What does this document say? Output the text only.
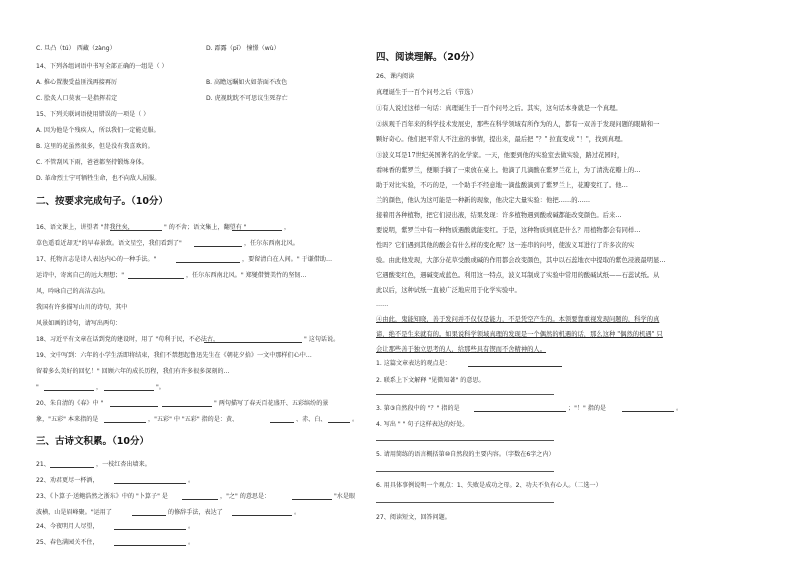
二、按要求完成句子。（10分）
三、古诗文积累。（10分）
C. 旦凸（tú） 西藏（zàng）	D. 霹露（pī） 憧憬（wù）
14、下列各组词语中书写全部正确的一组是（ ）
A. 推心置腹受益匪浅再接再厉	B. 高瞻远瞩如火如荼面不改色
C. 脍炙人口莫衷一是指挥若定	D. 虎视眈眈不可思议生死存亡
15、下列关联词语使用错误的一项是（ ）
A. 因为他是个残疾人，所以我们一定能克服。
B. 这里的花虽然很多，但是没有我喜欢的。
C. 不管刮风下雨，爸爸都坚持锻炼身体。
D. 革命烈士宁可牺牲生命，也不向敌人屈服。
16、语文课上，讲望者 "昔我往矣，	" 的不舍；语文集上，翻望有 "	，
草色遥看近却无"的早春景致。语文星空，我们看到了"	，任尔东西南北风。
17、托物言志是诗人表达内心的一种手法。"	，要留清白在人间。" 于谦借助…
运诗中，寄寓自己的远大理想；"	，任尔东西南北风。" 郑燮借赞美竹的坚韧…
风，吟咏自己的高洁志向。
我国有许多描写山川的诗句，其中
风景如画的诗句，请写出两句：
18、习近平有文章在话到党的建设时，用了 "苟利于民，不必法古，	" 这句话说。
19、文中写到：六年的小学生活即将结束，我们不禁想起鲁迅先生在《朝花夕拾》一文中那样们心中…
留着多么美好的回忆！" 回顾六年的成长历程，我们有许多很多深刻的…
"	，	"。
20、朱自清的《春》中 "	" 两句描写了春天百花盛开、五彩缤纷的景
象，"五彩" 本来指的是	，"五彩" 中 "五彩" 指的是：黄、	、赤、白、	。
21、	，一枝红杏出墙来。
22、劝君更尽一杯酒，	。
23、《卜算子·送鲍浩然之浙东》中的 "卜算子" 是	，"之" 的意思是：	"水是眼
波横，山是眉峰聚。"运用了	的修辞手法，表达了	。
24、今夜明月人尽望，	。
25、春色满园关不住，	。
四、阅读理解。（20分）
26、课内阅读
真理诞生于一百个问号之后（节选）
①有人说过这样一句话：真理诞生于一百个问号之后。其实，这句话本身就是一个真理。
②纵观千百年来的科学技术发展史，那些在科学领域有所作为的人，都有一双善于发现问题的眼睛和一
颗好奇心。他们把平常人不注意的事情，提出来，最后把 "？" 拉直变成 "！"，找到真理。
③波义耳是17世纪英国著名的化学家。一天，他要到他的实验室去做实验，路过花园时，
看味香的紫罗兰，便顺手摘了一束放在桌上。他滴了几滴酸在紫罗兰花上，为了清洗花瓣上的…
助于对比实验，不巧的是，一个助手不经意地一滴盐酸滴到了紫罗兰上，花瓣变红了。他…
兰的颜色，他认为这可能是一种新的现象，他决定大量实验：他把……的……
接着用各种植物，把它们浸出液，结果发现：许多植物遇到酸或碱都能改变颜色。后来…
要说明，紫罗兰中有一种物质遇酸就能变红。于是，这种物质到底是什么？用植物都会有同样…
性吗？它们遇到其他的酸会有什么样的变化呢？这一连串的问号，使波义耳进行了许多次的实
验。由此他发现，大部分花草受酸或碱的作用都会改变颜色，其中以石蕊地衣中提取的紫色浸液最明显…
它遇酸变红色，遇碱变成蓝色。利用这一特点，波义耳制成了实验中常用的酸碱试纸——石蕊试纸。从
此以后，这种试纸一直被广泛地应用于化学实验中。
……
④由此，鬼能知晓，善于发问并不仅仅是能力，不是凭空产生的。本领要靠重视发现问题的，科学的真
谛，绝不是生来就有的。如果说科学领域真理的发现是一个偶然的机遇的话，那么这种 "偶然的机遇" 只
会让那些善于独立思考的人，给那些具有锲而不舍精神的人。
1. 这篇文章表达的观点是：
2. 联系上下文解释 "见微知著" 的意思。
3. 第③自然段中的 "？" 指的是	；"！" 指的是	。
4. 写出 " " 句子这样表达的好处。
5. 请用简练的语言概括第⑩自然段的主要内容。（字数在6字之内）
6. 用具体事例说明一个观点：1、失败是成功之母。2、功夫不负有心人。（二选一）
27、阅读短文，回答问题。
